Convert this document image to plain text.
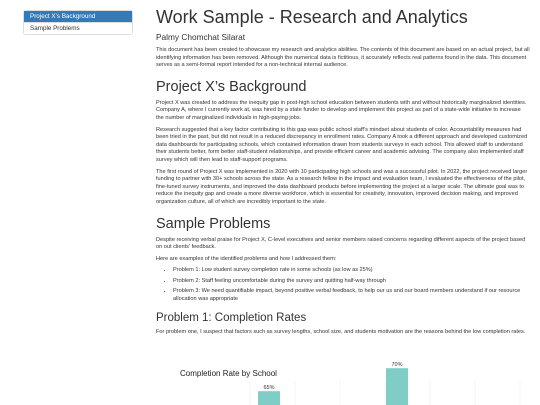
Project X’s Background
Sample Problems
Work Sample - Research and Analytics
Palmy Chomchat Silarat

This document has been created to showcase my research and analytics abilities. The contents of this document are based on an actual project, but all identifying information has been removed. Although the numerical data is fictitious, it accurately reflects real patterns found in the data. This document serves as a semi-formal report intended for a non-technical internal audience.

Project X’s Background

Project X was created to address the inequity gap in post-high school education between students with and without historically marginalized identities. Company A, where I currently work at, was hired by a state funder to develop and implement this project as part of a state-wide initiative to increase the number of marginalized individuals in high-paying jobs.

Research suggested that a key factor contributing to this gap was public school staff’s mindset about students of color. Accountability measures had been tried in the past, but did not result in a reduced discrepancy in enrollment rates. Company A took a different approach and developed customized data dashboards for participating schools, which contained information drawn from students surveys in each school. This allowed staff to understand their students better, form better staff-student relationships, and provide efficient career and academic advising. The company also implemented staff survey which will then lead to staff-support programs.

The first round of Project X was implemented in 2020 with 10 participating high schools and was a successful pilot. In 2022, the project received larger funding to partner with 30+ schools across the state. As a research fellow in the impact and evaluation team, I evaluated the effectiveness of the pilot, fine-tuned survey instruments, and improved the data dashboard products before implementing the project at a larger scale. The ultimate goal was to reduce the inequity gap and create a more diverse workforce, which is essential for creativity, innovation, improved decision making, and improved organization culture, all of which are incredibly important to the state.

Sample Problems

Despite receiving verbal praise for Project X, C-level executives and senior members raised concerns regarding different aspects of the project based on out clients' feedback.

Here are examples of the identified problems and how I addressed them:

• Problem 1: Low student survey completion rate in some schools (as low as 25%)
• Problem 2: Staff feeling uncomfortable during the survey and quitting half-way through
• Problem 3: We need quantifiable impact, beyond positive verbal feedback, to help our us and our board members understand if our resource allocation was appropriate
Problem 1: Completion Rates

For problem one, I suspect that factors such as survey lengths, school size, and students motivation are the reasons behind the low completion rates.

65%
70%
Completion Rate by School
